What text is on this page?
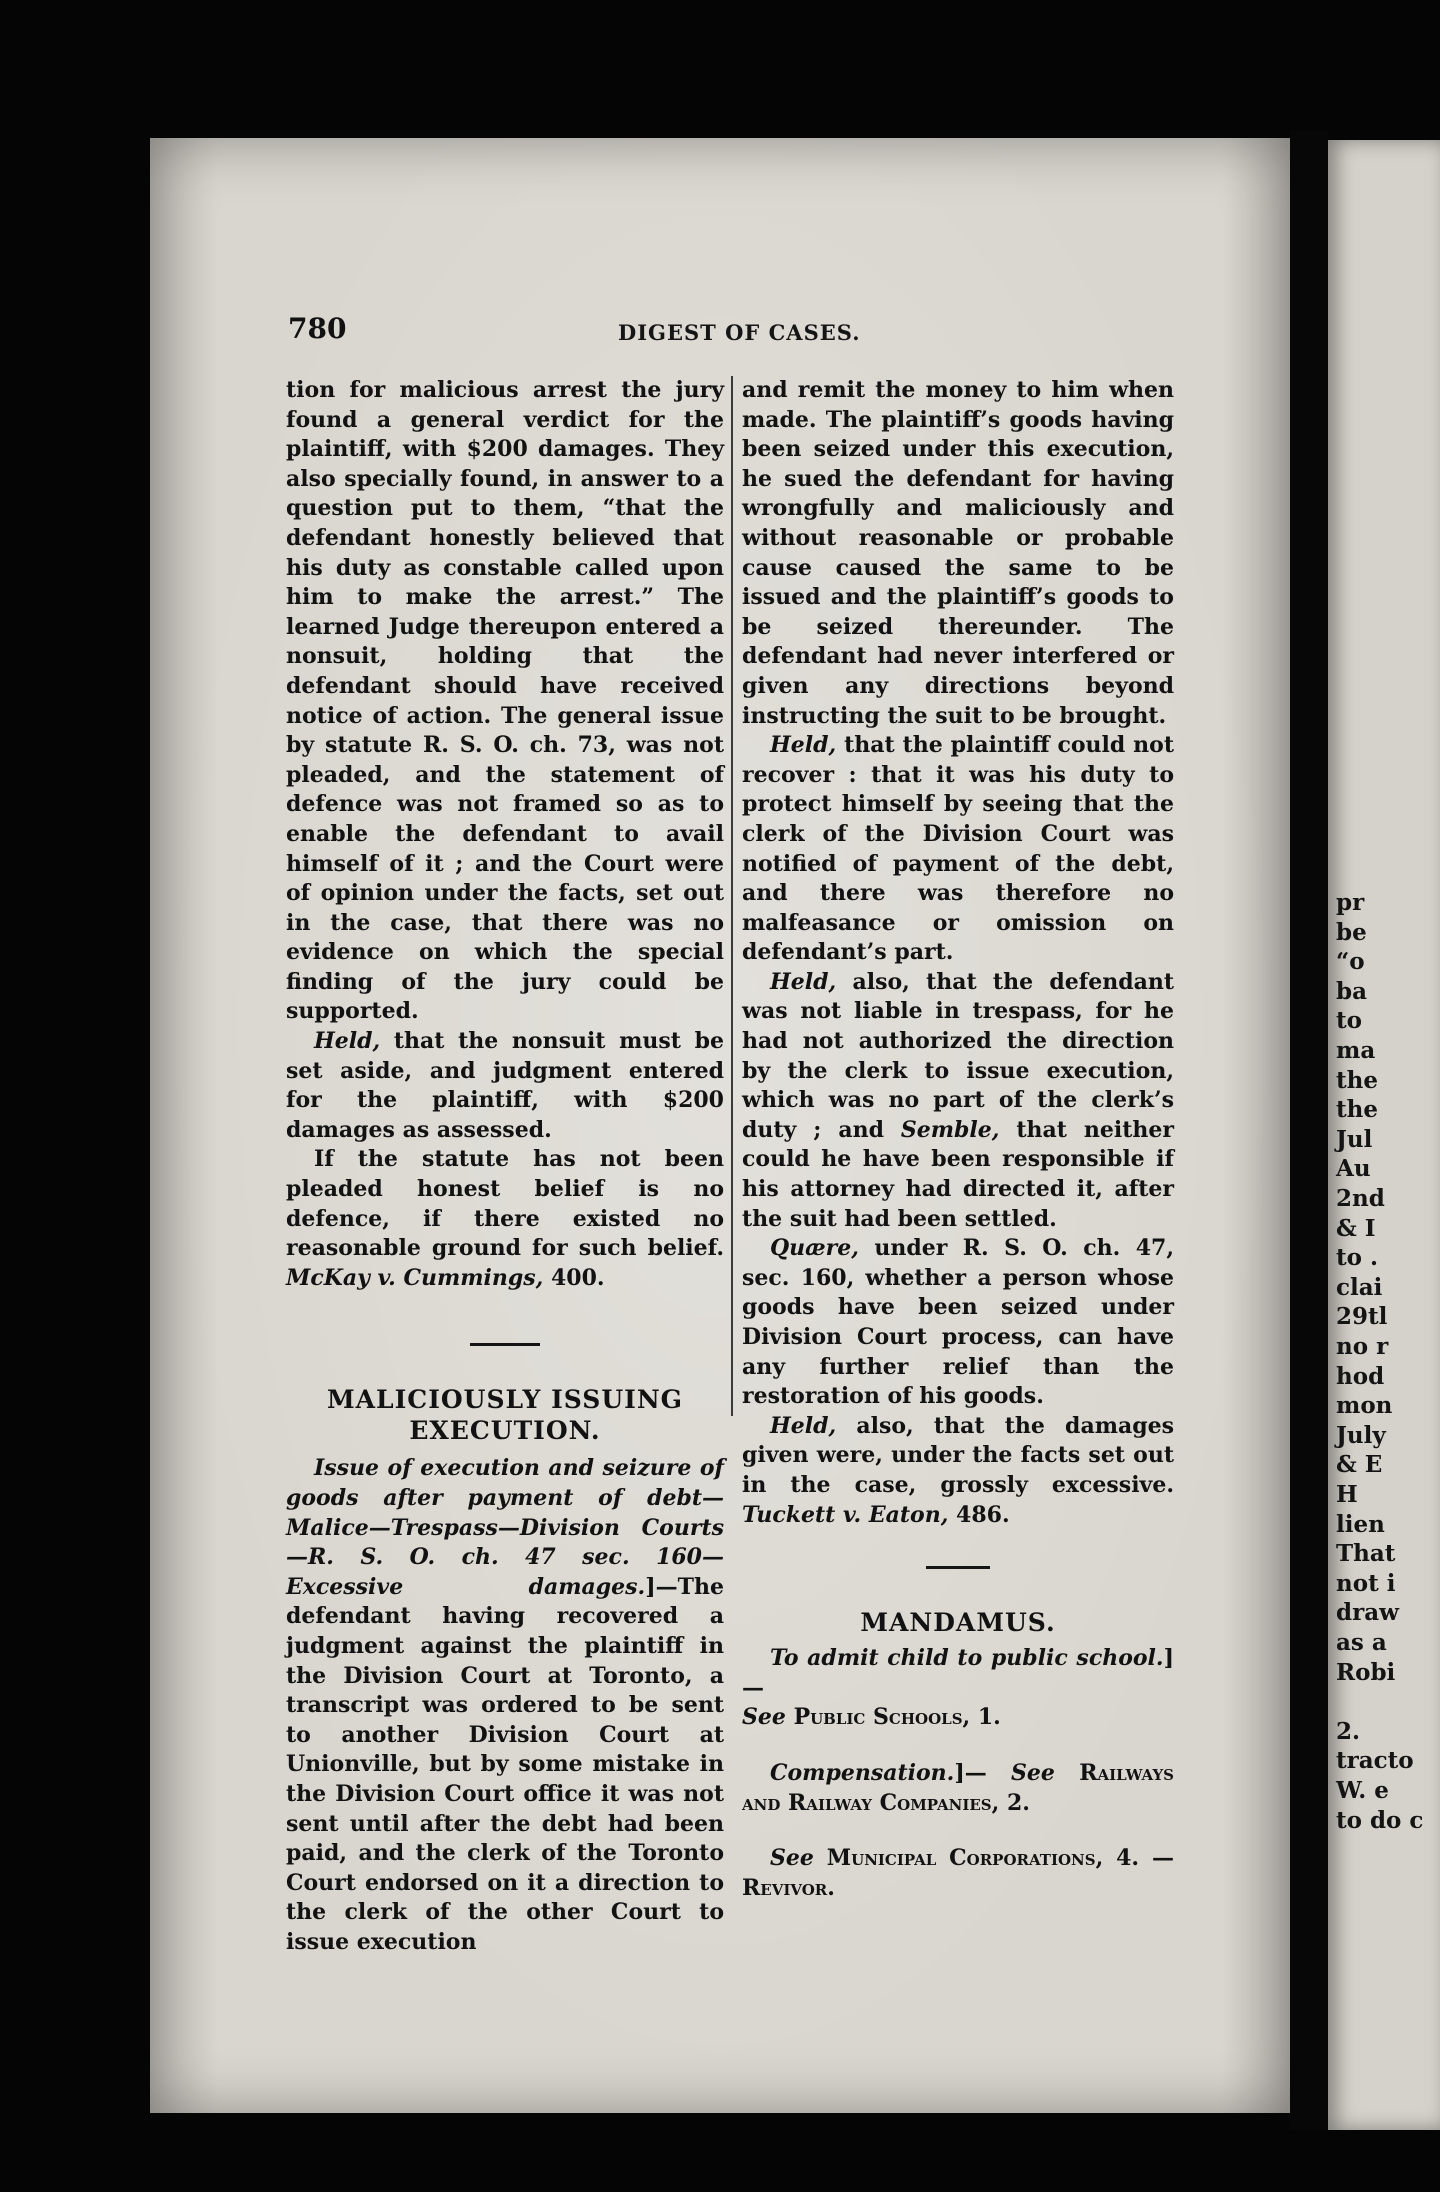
pr

be

“o

ba

to

ma

the

the

Jul

Au

2nd

& I

to .

clai

29tl

no r

hod

mon

July

& E

H

lien

That

not i

draw

as a

Robi

2.

tracto

W. e

to do c

780	DIGEST OF CASES.

tion for malicious arrest the jury found a general verdict for the plaintiff, with $200 damages. They also specially found, in answer to a question put to them, “that the defendant honestly believed that his duty as constable called upon him to make the arrest.” The learned Judge thereupon entered a nonsuit, holding that the defendant should have received notice of action. The general issue by statute R. S. O. ch. 73, was not pleaded, and the statement of defence was not framed so as to enable the defendant to avail himself of it ; and the Court were of opinion under the facts, set out in the case, that there was no evidence on which the special finding of the jury could be supported.

Held, that the nonsuit must be set aside, and judgment entered for the plaintiff, with $200 damages as assessed.

If the statute has not been pleaded honest belief is no defence, if there existed no reasonable ground for such belief. McKay v. Cummings, 400.

MALICIOUSLY ISSUING EXECUTION.

Issue of execution and seizure of goods after payment of debt—Malice—Trespass—Division Courts—R. S. O. ch. 47 sec. 160—Excessive damages.]—The defendant having recovered a judgment against the plaintiff in the Division Court at Toronto, a transcript was ordered to be sent to another Division Court at Unionville, but by some mistake in the Division Court office it was not sent until after the debt had been paid, and the clerk of the Toronto Court endorsed on it a direction to the clerk of the other Court to issue execution

and remit the money to him when made. The plaintiff’s goods having been seized under this execution, he sued the defendant for having wrongfully and maliciously and without reasonable or probable cause caused the same to be issued and the plaintiff’s goods to be seized thereunder. The defendant had never interfered or given any directions beyond instructing the suit to be brought.

Held, that the plaintiff could not recover : that it was his duty to protect himself by seeing that the clerk of the Division Court was notified of payment of the debt, and there was therefore no malfeasance or omission on defendant’s part.

Held, also, that the defendant was not liable in trespass, for he had not authorized the direction by the clerk to issue execution, which was no part of the clerk’s duty ; and Semble, that neither could he have been responsible if his attorney had directed it, after the suit had been settled.

Quære, under R. S. O. ch. 47, sec. 160, whether a person whose goods have been seized under Division Court process, can have any further relief than the restoration of his goods.

Held, also, that the damages given were, under the facts set out in the case, grossly excessive. Tuckett v. Eaton, 486.

MANDAMUS.

To admit child to public school.]—
See Public Schools, 1.

Compensation.]— See Railways and Railway Companies, 2.

See Municipal Corporations, 4. —Revivor.
